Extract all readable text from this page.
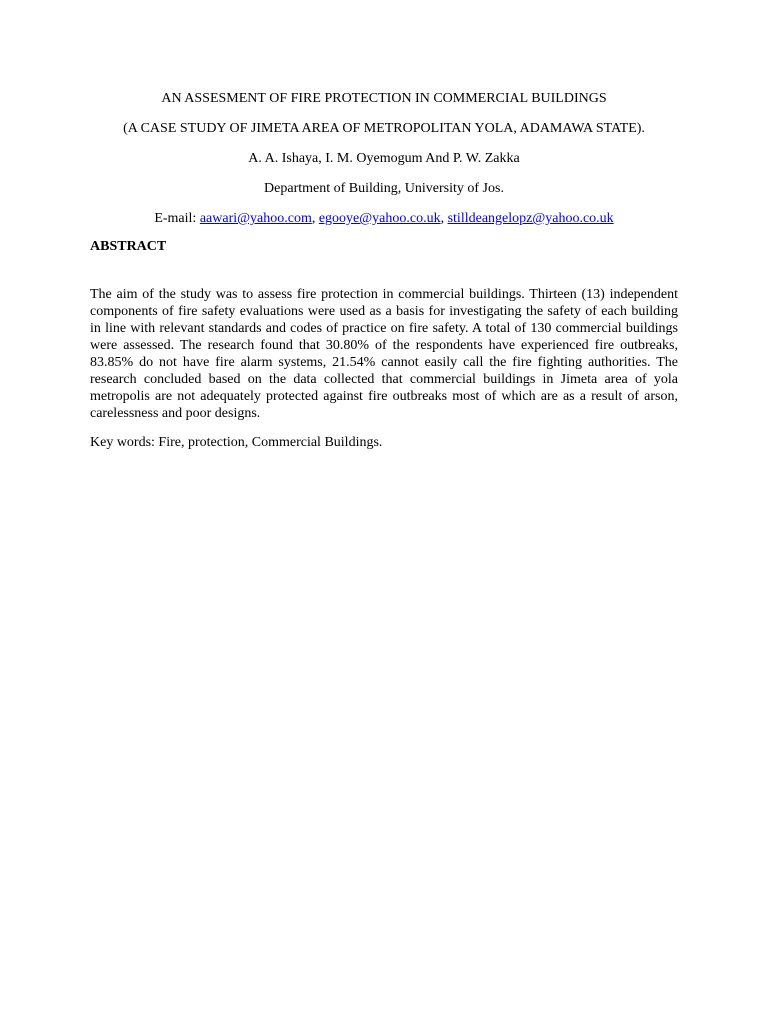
AN ASSESMENT OF FIRE PROTECTION IN COMMERCIAL BUILDINGS

(A CASE STUDY OF JIMETA AREA OF METROPOLITAN YOLA, ADAMAWA STATE).

A. A. Ishaya, I. M. Oyemogum And P. W. Zakka

Department of Building, University of Jos.

E-mail: aawari@yahoo.com, egooye@yahoo.co.uk, stilldeangelopz@yahoo.co.uk

ABSTRACT

The aim of the study was to assess fire protection in commercial buildings. Thirteen (13) independent components of fire safety evaluations were used as a basis for investigating the safety of each building in line with relevant standards and codes of practice on fire safety. A total of 130 commercial buildings were assessed. The research found that 30.80% of the respondents have experienced fire outbreaks, 83.85% do not have fire alarm systems, 21.54% cannot easily call the fire fighting authorities. The research concluded based on the data collected that commercial buildings in Jimeta area of yola metropolis are not adequately protected against fire outbreaks most of which are as a result of arson, carelessness and poor designs.

Key words: Fire, protection, Commercial Buildings.
